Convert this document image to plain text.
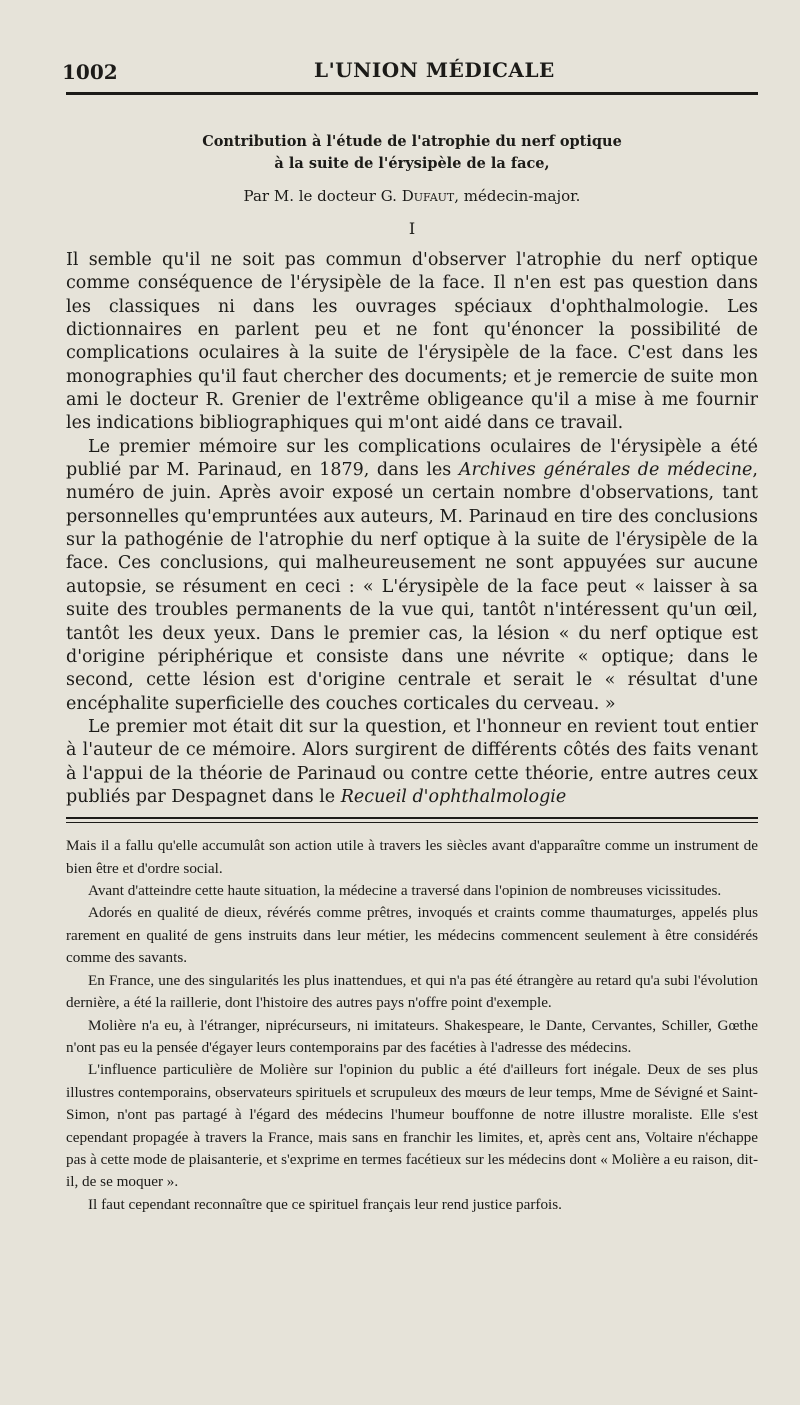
1002	L'UNION MÉDICALE
Contribution à l'étude de l'atrophie du nerf optique
à la suite de l'érysipèle de la face,
Par M. le docteur G. Dufaut, médecin-major.
I

Il semble qu'il ne soit pas commun d'observer l'atrophie du nerf optique comme conséquence de l'érysipèle de la face. Il n'en est pas question dans les classiques ni dans les ouvrages spéciaux d'ophthalmologie. Les dictionnaires en parlent peu et ne font qu'énoncer la possibilité de complications oculaires à la suite de l'érysipèle de la face. C'est dans les monographies qu'il faut chercher des documents; et je remercie de suite mon ami le docteur R. Grenier de l'extrême obligeance qu'il a mise à me fournir les indications bibliographiques qui m'ont aidé dans ce travail.

Le premier mémoire sur les complications oculaires de l'érysipèle a été publié par M. Parinaud, en 1879, dans les Archives générales de médecine, numéro de juin. Après avoir exposé un certain nombre d'observations, tant personnelles qu'empruntées aux auteurs, M. Parinaud en tire des conclusions sur la pathogénie de l'atrophie du nerf optique à la suite de l'érysipèle de la face. Ces conclusions, qui malheureusement ne sont appuyées sur aucune autopsie, se résument en ceci : « L'érysipèle de la face peut « laisser à sa suite des troubles permanents de la vue qui, tantôt n'intéressent qu'un œil, tantôt les deux yeux. Dans le premier cas, la lésion « du nerf optique est d'origine périphérique et consiste dans une névrite « optique; dans le second, cette lésion est d'origine centrale et serait le « résultat d'une encéphalite superficielle des couches corticales du cerveau. »

Le premier mot était dit sur la question, et l'honneur en revient tout entier à l'auteur de ce mémoire. Alors surgirent de différents côtés des faits venant à l'appui de la théorie de Parinaud ou contre cette théorie, entre autres ceux publiés par Despagnet dans le Recueil d'ophthalmologie

Mais il a fallu qu'elle accumulât son action utile à travers les siècles avant d'apparaître comme un instrument de bien être et d'ordre social.

Avant d'atteindre cette haute situation, la médecine a traversé dans l'opinion de nombreuses vicissitudes.

Adorés en qualité de dieux, révérés comme prêtres, invoqués et craints comme thaumaturges, appelés plus rarement en qualité de gens instruits dans leur métier, les médecins commencent seulement à être considérés comme des savants.

En France, une des singularités les plus inattendues, et qui n'a pas été étrangère au retard qu'a subi l'évolution dernière, a été la raillerie, dont l'histoire des autres pays n'offre point d'exemple.

Molière n'a eu, à l'étranger, niprécurseurs, ni imitateurs. Shakespeare, le Dante, Cervantes, Schiller, Gœthe n'ont pas eu la pensée d'égayer leurs contemporains par des facéties à l'adresse des médecins.

L'influence particulière de Molière sur l'opinion du public a été d'ailleurs fort inégale. Deux de ses plus illustres contemporains, observateurs spirituels et scrupuleux des mœurs de leur temps, Mme de Sévigné et Saint-Simon, n'ont pas partagé à l'égard des médecins l'humeur bouffonne de notre illustre moraliste. Elle s'est cependant propagée à travers la France, mais sans en franchir les limites, et, après cent ans, Voltaire n'échappe pas à cette mode de plaisanterie, et s'exprime en termes facétieux sur les médecins dont « Molière a eu raison, dit-il, de se moquer ».

Il faut cependant reconnaître que ce spirituel français leur rend justice parfois.
